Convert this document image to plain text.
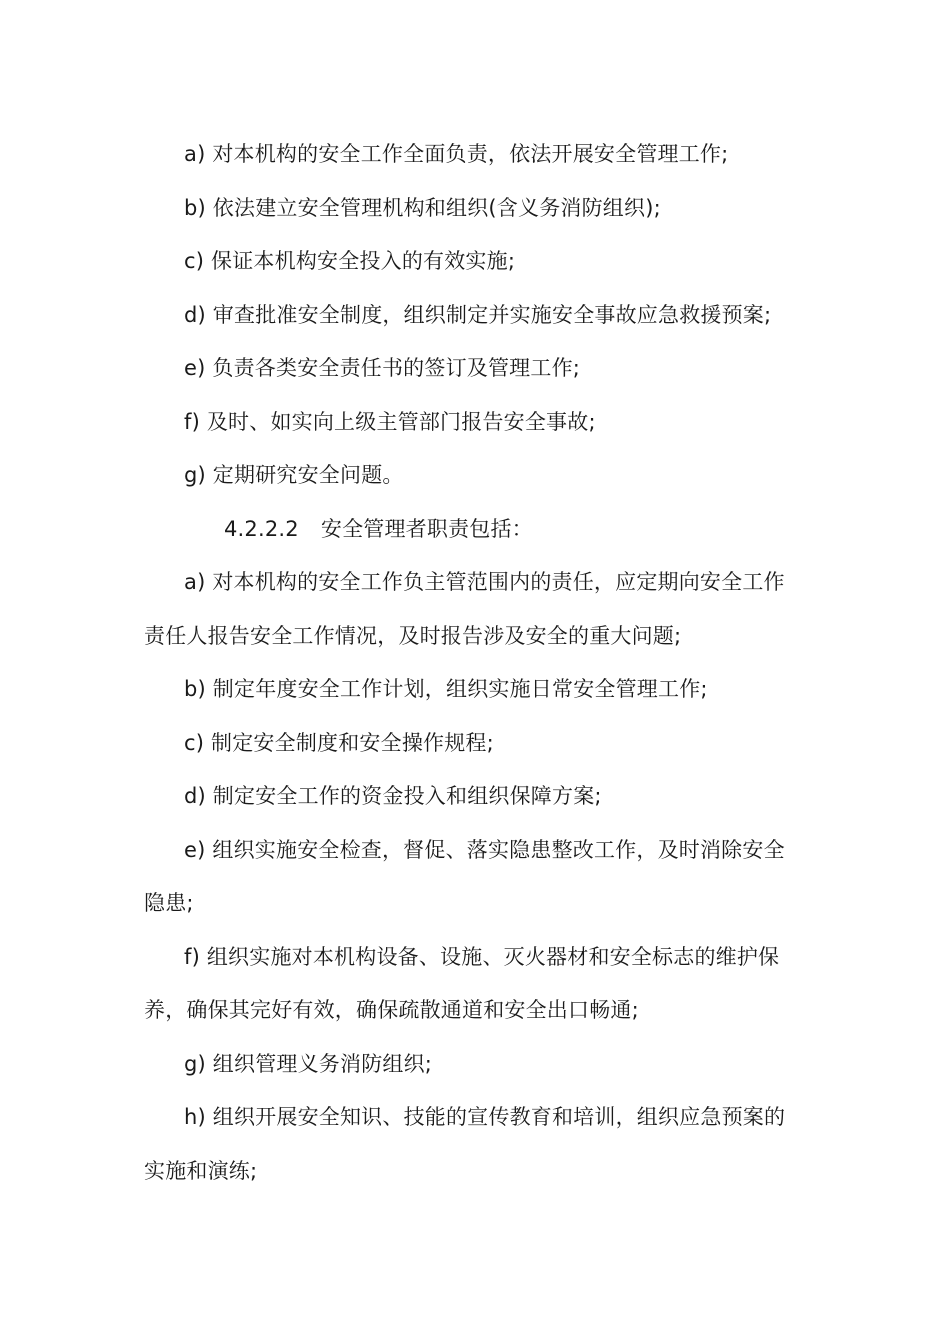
a) 对本机构的安全工作全面负责，依法开展安全管理工作;

b) 依法建立安全管理机构和组织(含义务消防组织);

c) 保证本机构安全投入的有效实施;

d) 审查批准安全制度，组织制定并实施安全事故应急救援预案;

e) 负责各类安全责任书的签订及管理工作;

f) 及时、如实向上级主管部门报告安全事故;

g) 定期研究安全问题。

4.2.2.2 安全管理者职责包括：

a) 对本机构的安全工作负主管范围内的责任，应定期向安全工作责任人报告安全工作情况，及时报告涉及安全的重大问题;

b) 制定年度安全工作计划，组织实施日常安全管理工作;

c) 制定安全制度和安全操作规程;

d) 制定安全工作的资金投入和组织保障方案;

e) 组织实施安全检查，督促、落实隐患整改工作，及时消除安全隐患;

f) 组织实施对本机构设备、设施、灭火器材和安全标志的维护保养，确保其完好有效，确保疏散通道和安全出口畅通;

g) 组织管理义务消防组织;

h) 组织开展安全知识、技能的宣传教育和培训，组织应急预案的实施和演练;
